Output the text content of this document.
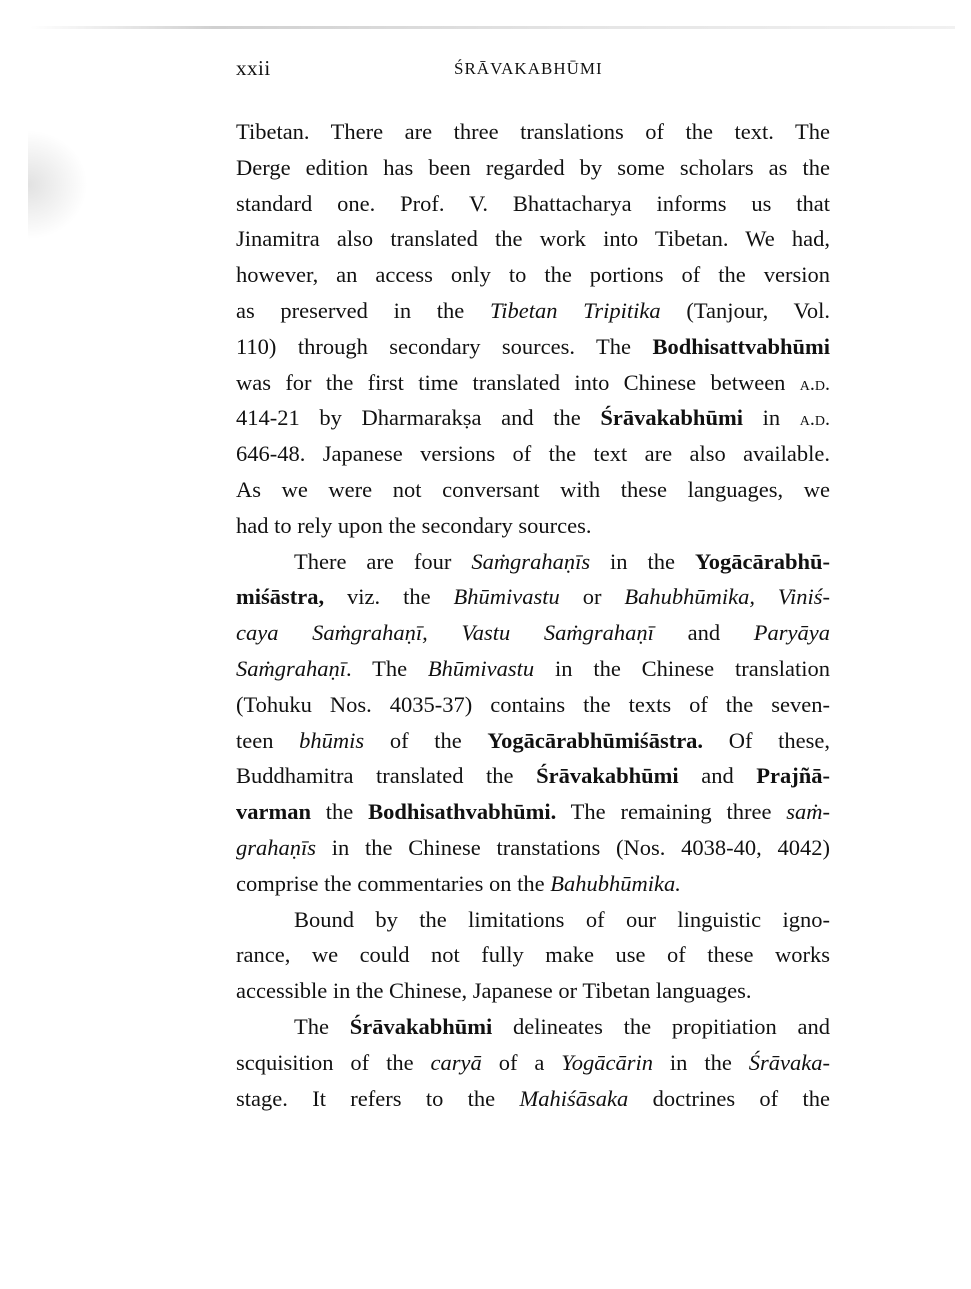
xxii	ŚRĀVAKABHŪMI
Tibetan. There are three translations of the text. The
Derge edition has been regarded by some scholars as the
standard one. Prof. V. Bhattacharya informs us that
Jinamitra also translated the work into Tibetan. We had,
however, an access only to the portions of the version
as preserved in the Tibetan Tripitika (Tanjour, Vol.
110) through secondary sources. The Bodhisattvabhūmi
was for the first time translated into Chinese between a.d.
414-21 by Dharmarakṣa and the Śrāvakabhūmi in a.d.
646-48. Japanese versions of the text are also available.
As we were not conversant with these languages, we
had to rely upon the secondary sources.
There are four Saṁgrahaṇīs in the Yogācārabhū-
miśāstra, viz. the Bhūmivastu or Bahubhūmika, Viniś-
caya Saṁgrahaṇī, Vastu Saṁgrahaṇī and Paryāya
Saṁgrahaṇī. The Bhūmivastu in the Chinese translation
(Tohuku Nos. 4035-37) contains the texts of the seven-
teen bhūmis of the Yogācārabhūmiśāstra. Of these,
Buddhamitra translated the Śrāvakabhūmi and Prajñā-
varman the Bodhisathvabhūmi. The remaining three saṁ-
grahaṇīs in the Chinese transtations (Nos. 4038-40, 4042)
comprise the commentaries on the Bahubhūmika.
Bound by the limitations of our linguistic igno-
rance, we could not fully make use of these works
accessible in the Chinese, Japanese or Tibetan languages.
The Śrāvakabhūmi delineates the propitiation and
scquisition of the caryā of a Yogācārin in the Śrāvaka-
stage. It refers to the Mahiśāsaka doctrines of the
